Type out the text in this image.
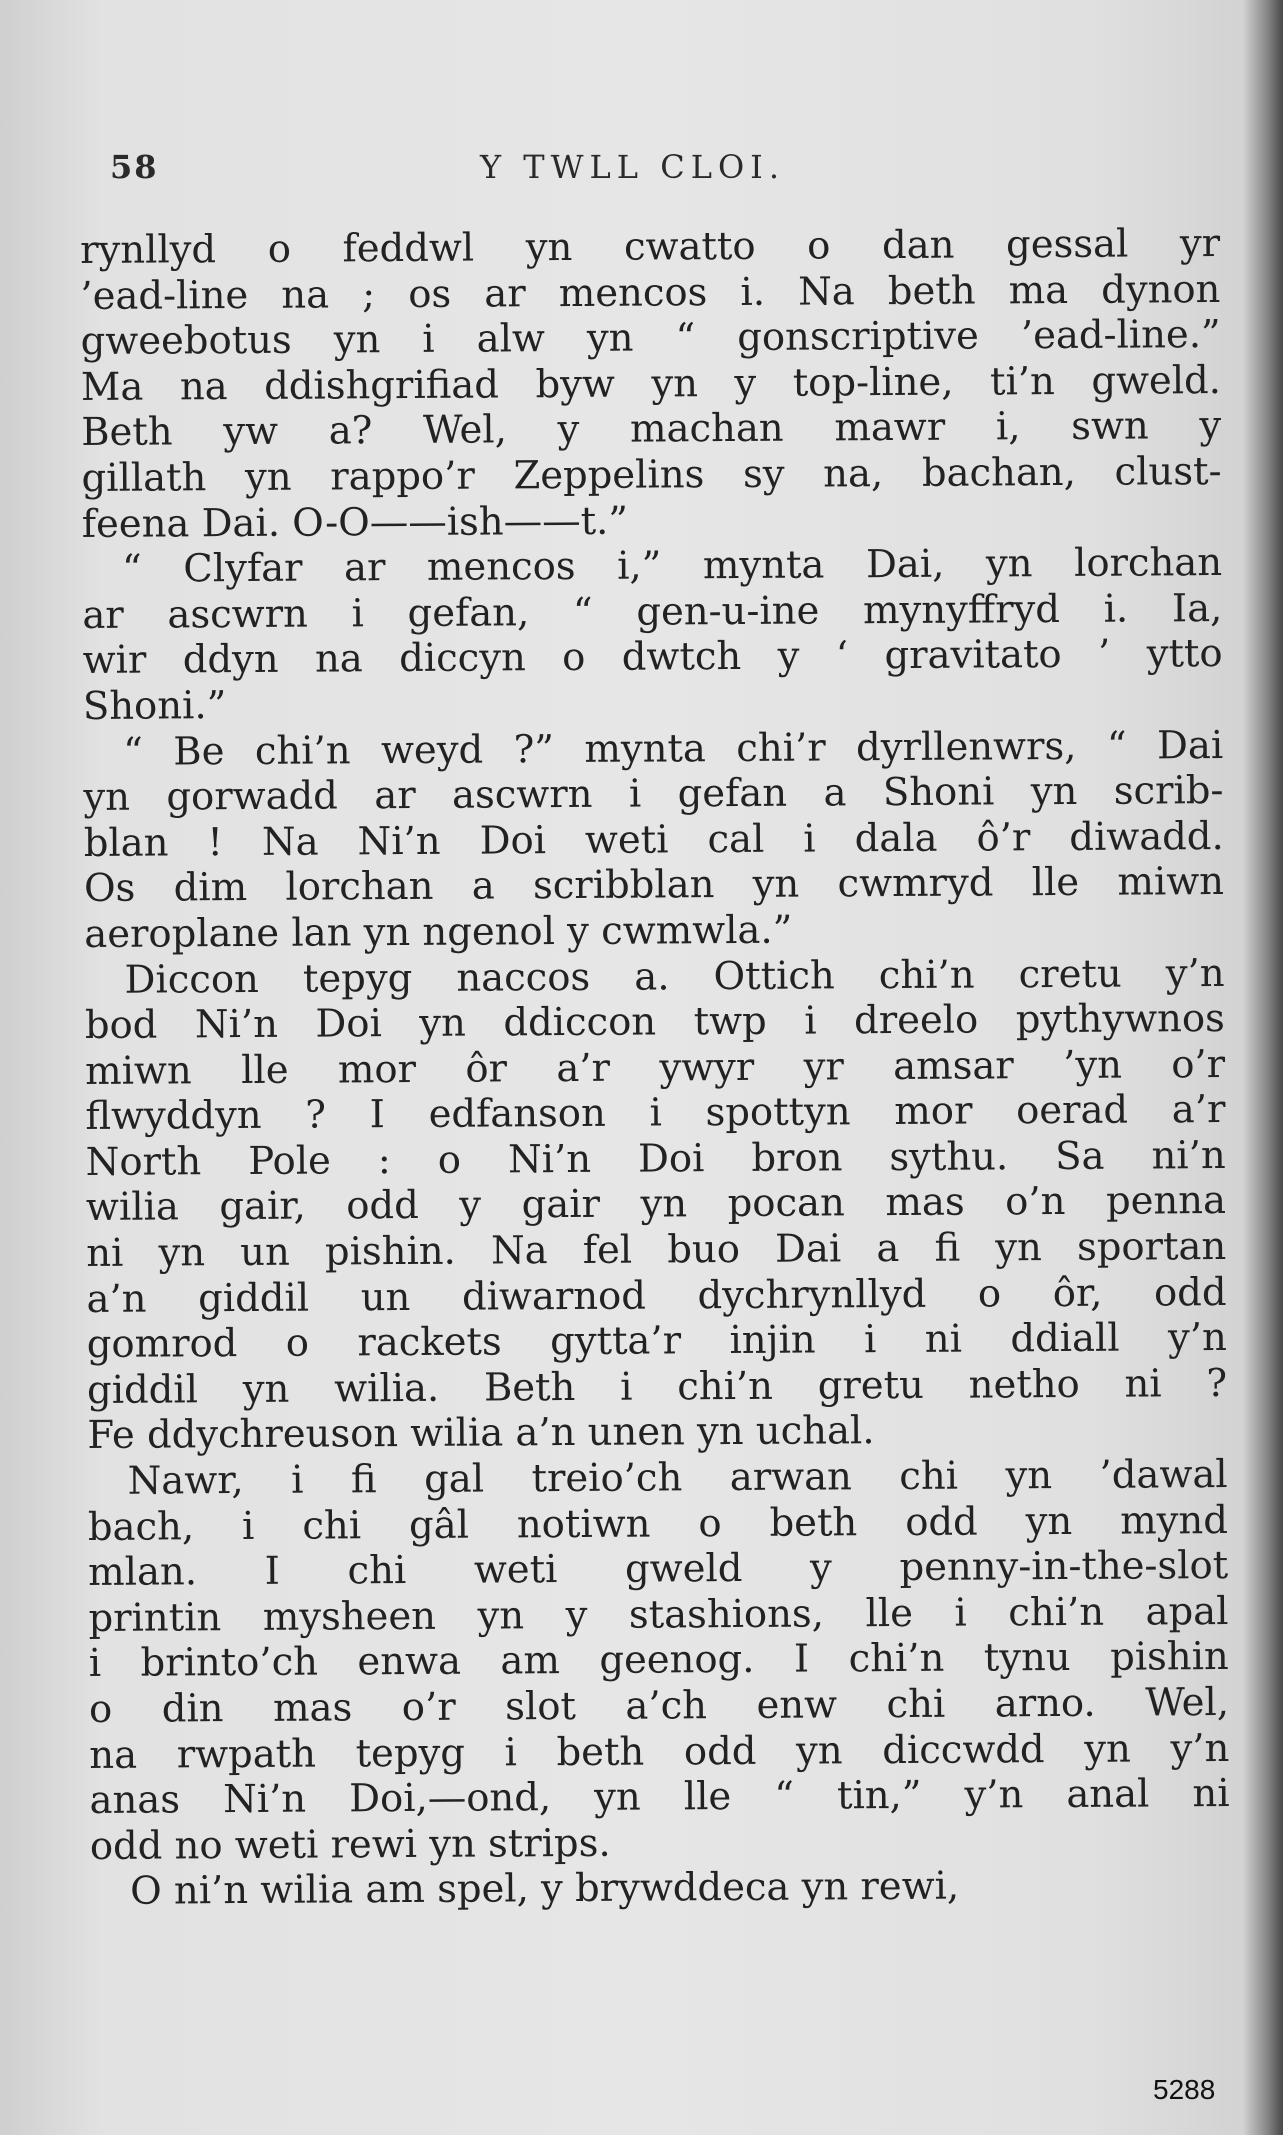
58	Y TWLL CLOI.
rynllyd o feddwl yn cwatto o dan gessal yr
’ead-line na ; os ar mencos i. Na beth ma dynon
gweebotus yn i alw yn “ gonscriptive ’ead-line.”
Ma na ddishgrifiad byw yn y top-line, ti’n gweld.
Beth yw a? Wel, y machan mawr i, swn y
gillath yn rappo’r Zeppelins sy na, bachan, clust-
feena Dai. O-O——ish——t.”
“ Clyfar ar mencos i,” mynta Dai, yn lorchan
ar ascwrn i gefan, “ gen-u-ine mynyffryd i. Ia,
wir ddyn na diccyn o dwtch y ‘ gravitato ’ ytto
Shoni.”
“ Be chi’n weyd ?” mynta chi’r dyrllenwrs, “ Dai
yn gorwadd ar ascwrn i gefan a Shoni yn scrib-
blan ! Na Ni’n Doi weti cal i dala ô’r diwadd.
Os dim lorchan a scribblan yn cwmryd lle miwn
aeroplane lan yn ngenol y cwmwla.”
Diccon tepyg naccos a. Ottich chi’n cretu y’n
bod Ni’n Doi yn ddiccon twp i dreelo pythywnos
miwn lle mor ôr a’r ywyr yr amsar ’yn o’r
flwyddyn ? I edfanson i spottyn mor oerad a’r
North Pole : o Ni’n Doi bron sythu. Sa ni’n
wilia gair, odd y gair yn pocan mas o’n penna
ni yn un pishin. Na fel buo Dai a fi yn sportan
a’n giddil un diwarnod dychrynllyd o ôr, odd
gomrod o rackets gytta’r injin i ni ddiall y’n
giddil yn wilia. Beth i chi’n gretu netho ni ?
Fe ddychreuson wilia a’n unen yn uchal.
Nawr, i fi gal treio’ch arwan chi yn ’dawal
bach, i chi gâl notiwn o beth odd yn mynd
mlan. I chi weti gweld y penny-in-the-slot
printin mysheen yn y stashions, lle i chi’n apal
i brinto’ch enwa am geenog. I chi’n tynu pishin
o din mas o’r slot a’ch enw chi arno. Wel,
na rwpath tepyg i beth odd yn diccwdd yn y’n
anas Ni’n Doi,—ond, yn lle “ tin,” y’n anal ni
odd no weti rewi yn strips.
O ni’n wilia am spel, y brywddeca yn rewi,
5288
